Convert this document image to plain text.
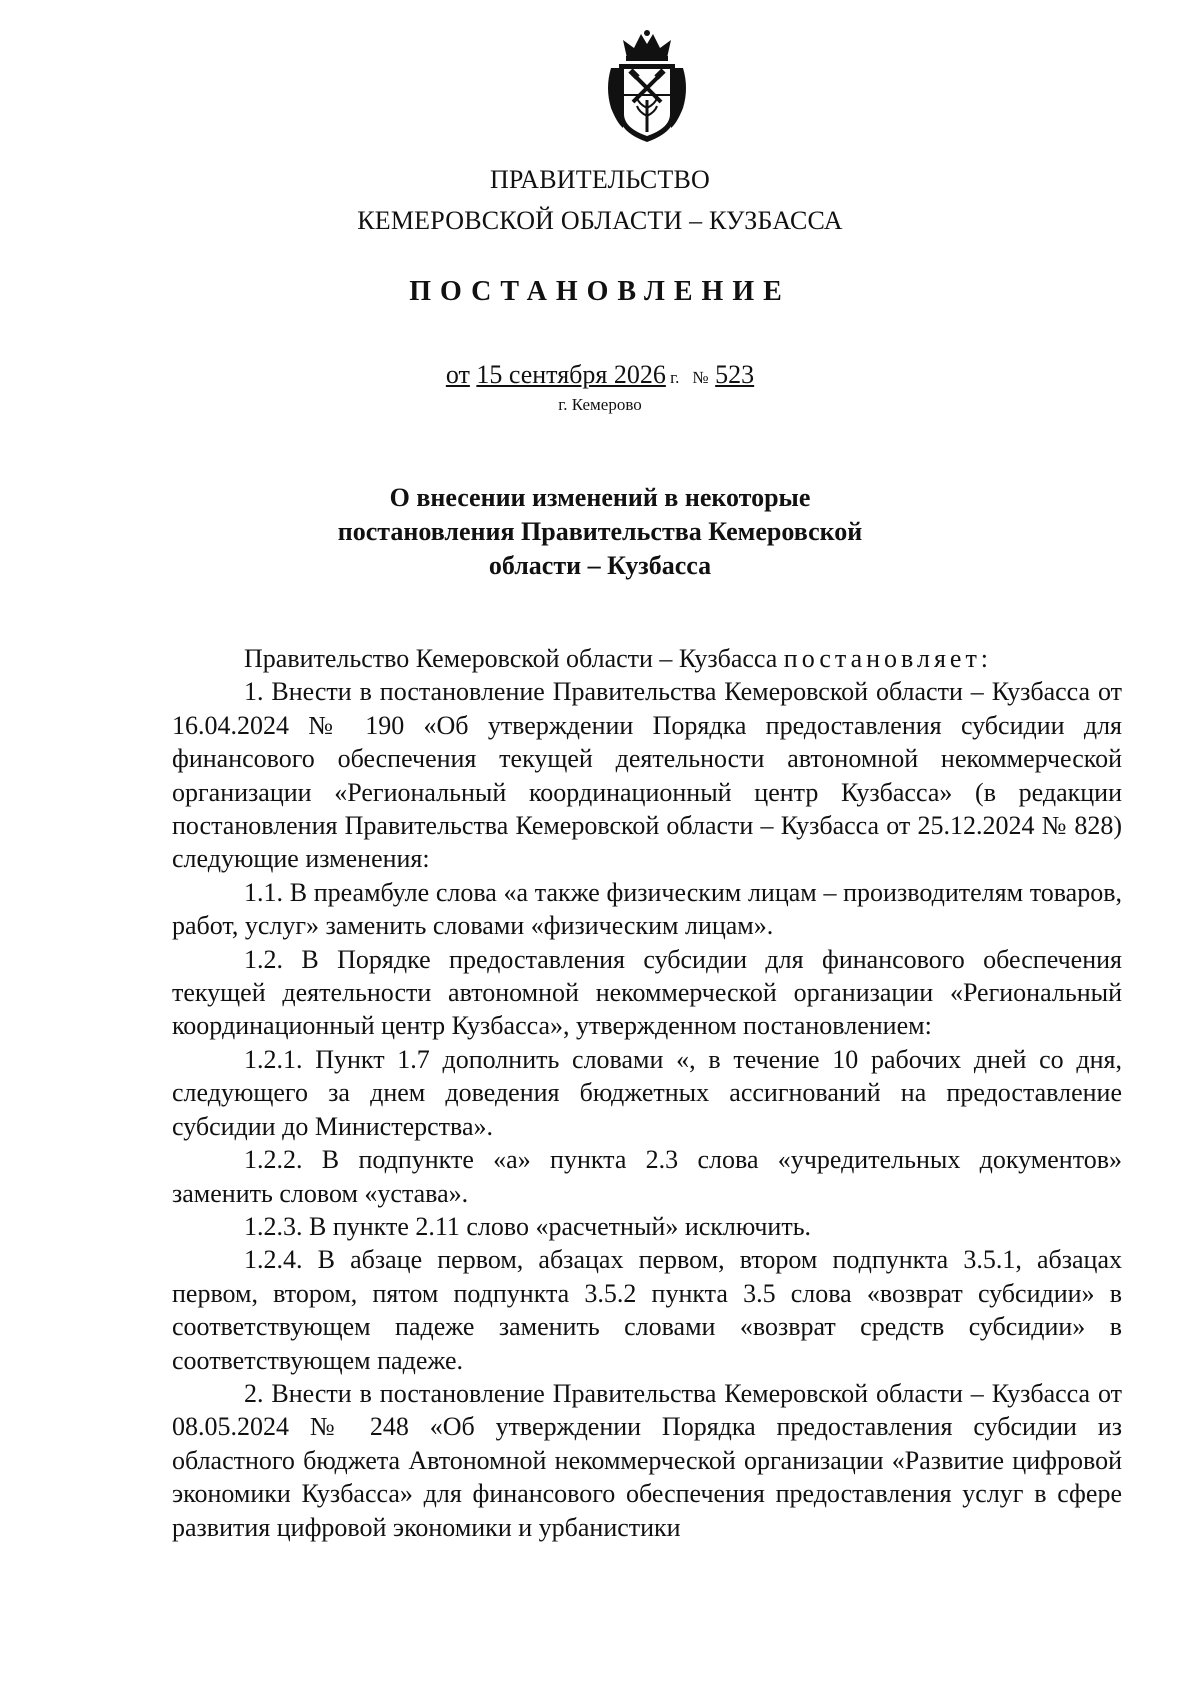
ПРАВИТЕЛЬСТВО
КЕМЕРОВСКОЙ ОБЛАСТИ – КУЗБАССА
ПОСТАНОВЛЕНИЕ
от 15 сентября 2026 г. № 523
г. Кемерово
О внесении изменений в некоторые
постановления Правительства Кемеровской
области – Кузбасса

Правительство Кемеровской области – Кузбасса постановляет:

1. Внести в постановление Правительства Кемеровской области – Кузбасса от 16.04.2024 № 190 «Об утверждении Порядка предоставления субсидии для финансового обеспечения текущей деятельности автономной некоммерческой организации «Региональный координационный центр Кузбасса» (в редакции постановления Правительства Кемеровской области – Кузбасса от 25.12.2024 № 828) следующие изменения:

1.1. В преамбуле слова «а также физическим лицам – производителям товаров, работ, услуг» заменить словами «физическим лицам».

1.2. В Порядке предоставления субсидии для финансового обеспечения текущей деятельности автономной некоммерческой организации «Региональный координационный центр Кузбасса», утвержденном постановлением:

1.2.1. Пункт 1.7 дополнить словами «, в течение 10 рабочих дней со дня, следующего за днем доведения бюджетных ассигнований на предоставление субсидии до Министерства».

1.2.2. В подпункте «а» пункта 2.3 слова «учредительных документов» заменить словом «устава».

1.2.3. В пункте 2.11 слово «расчетный» исключить.

1.2.4. В абзаце первом, абзацах первом, втором подпункта 3.5.1, абзацах первом, втором, пятом подпункта 3.5.2 пункта 3.5 слова «возврат субсидии» в соответствующем падеже заменить словами «возврат средств субсидии» в соответствующем падеже.

2. Внести в постановление Правительства Кемеровской области – Кузбасса от 08.05.2024 № 248 «Об утверждении Порядка предоставления субсидии из областного бюджета Автономной некоммерческой организации «Развитие цифровой экономики Кузбасса» для финансового обеспечения предоставления услуг в сфере развития цифровой экономики и урбанистики
